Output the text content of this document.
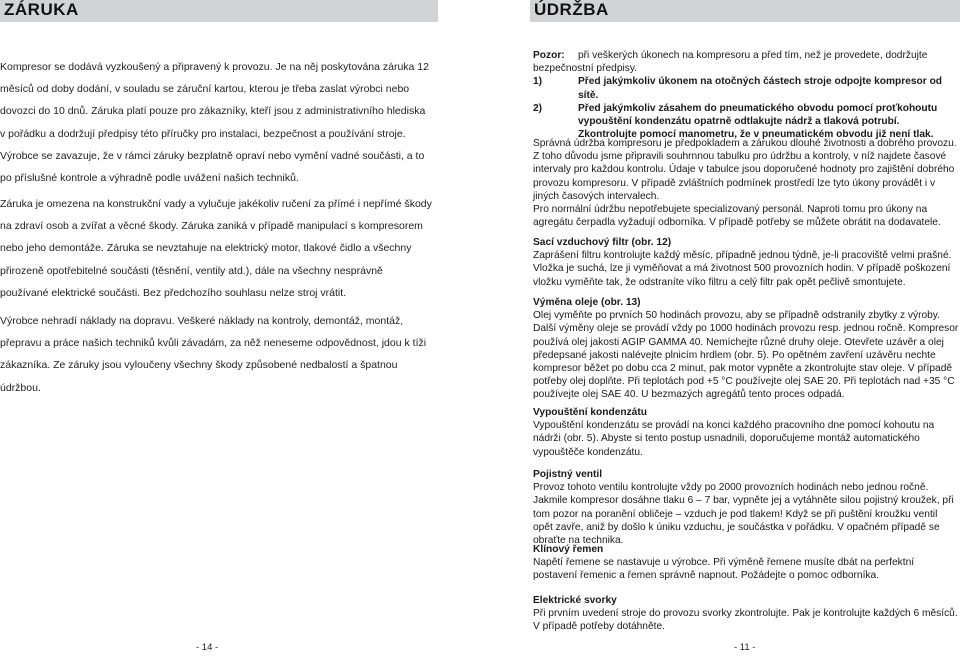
ZÁRUKA

Kompresor se dodává vyzkoušený a připravený k provozu. Je na něj poskytována záruka 12 měsíců od doby dodání, v souladu se záruční kartou, kterou je třeba zaslat výrobci nebo dovozci do 10 dnů. Záruka platí pouze pro zákazníky, kteří jsou z administrativního hlediska v pořádku a dodržují předpisy této příručky pro instalaci, bezpečnost a používání stroje. Výrobce se zavazuje, že v rámci záruky bezplatně opraví nebo vymění vadné součásti, a to po příslušné kontrole a výhradně podle uvážení našich techniků.

Záruka je omezena na konstrukční vady a vylučuje jakékoliv ručení za přímé i nepřímé škody na zdraví osob a zvířat a věcné škody. Záruka zaniká v případě manipulací s kompresorem nebo jeho demontáže. Záruka se nevztahuje na elektrický motor, tlakové čidlo a všechny přirozeně opotřebitelné součásti (těsnění, ventily atd.), dále na všechny nesprávně používané elektrické součásti. Bez předchozího souhlasu nelze stroj vrátit.

Výrobce nehradí náklady na dopravu. Veškeré náklady na kontroly, demontáž, montáž, přepravu a práce našich techniků kvůli závadám, za něž neneseme odpovědnost, jdou k tíži zákazníka. Ze záruky jsou vyloučeny všechny škody způsobené nedbalostí a špatnou údržbou.

ÚDRŽBA
Pozor: při veškerých úkonech na kompresoru a před tím, než je provedete, dodržujte bezpečnostní předpisy.
1)	Před jakýmkoliv úkonem na otočných částech stroje odpojte kompresor od sítě.
2)	Před jakýmkoliv zásahem do pneumatického obvodu pomocí proťkohoutu vypouštění kondenzátu opatrně odtlakujte nádrž a tlaková potrubí. Zkontrolujte pomocí manometru, že v pneumatickém obvodu již není tlak.
Správná údržba kompresoru je předpokladem a zárukou dlouhé životnosti a dobrého provozu. Z toho důvodu jsme připravili souhrnnou tabulku pro údržbu a kontroly, v níž najdete časové intervaly pro každou kontrolu. Údaje v tabulce jsou doporučené hodnoty pro zajištění dobrého provozu kompresoru. V případě zvláštních podmínek prostředí lze tyto úkony provádět i v jiných časových intervalech.
Pro normální údržbu nepotřebujete specializovaný personál. Naproti tomu pro úkony na agregátu čerpadla vyžadují odborníka. V případě potřeby se můžete obrátit na dodavatele.
Sací vzduchový filtr (obr. 12)
Zaprášení filtru kontrolujte každý měsíc, případně jednou týdně, je-li pracoviště velmi prašné. Vložka je suchá, lze ji vyměňovat a má životnost 500 provozních hodin. V případě poškození vložku vyměňte tak, že odstraníte víko filtru a celý filtr pak opět pečlivě smontujete.
Výměna oleje (obr. 13)
Olej vyměňte po prvních 50 hodinách provozu, aby se případně odstranily zbytky z výroby. Další výměny oleje se provádí vždy po 1000 hodinách provozu resp. jednou ročně. Kompresor používá olej jakosti AGIP GAMMA 40. Nemíchejte různé druhy oleje. Otevřete uzávěr a olej předepsané jakosti nalévejte plnicím hrdlem (obr. 5). Po opětném zavření uzávěru nechte kompresor běžet po dobu cca 2 minut, pak motor vypněte a zkontrolujte stav oleje. V případě potřeby olej doplňte. Při teplotách pod +5 °C používejte olej SAE 20. Při teplotách nad +35 °C používejte olej SAE 40. U bezmazých agregátů tento proces odpadá.
Vypouštění kondenzátu
Vypouštění kondenzátu se provádí na konci každého pracovního dne pomocí kohoutu na nádrži (obr. 5). Abyste si tento postup usnadnili, doporučujeme montáž automatického vypouštěče kondenzátu.
Pojistný ventil
Provoz tohoto ventilu kontrolujte vždy po 2000 provozních hodinách nebo jednou ročně. Jakmile kompresor dosáhne tlaku 6 – 7 bar, vypněte jej a vytáhněte silou pojistný kroužek, při tom pozor na poranění obličeje – vzduch je pod tlakem! Když se při puštění kroužku ventil opět zavře, aniž by došlo k úniku vzduchu, je součástka v pořádku. V opačném případě se obraťte na technika.
Klínový řemen
Napětí řemene se nastavuje u výrobce. Při výměně řemene musíte dbát na perfektní postavení řemenic a řemen správně napnout. Požádejte o pomoc odborníka.
Elektrické svorky
Při prvním uvedení stroje do provozu svorky zkontrolujte. Pak je kontrolujte každých 6 měsíců. V případě potřeby dotáhněte.
- 14 -	- 11 -
